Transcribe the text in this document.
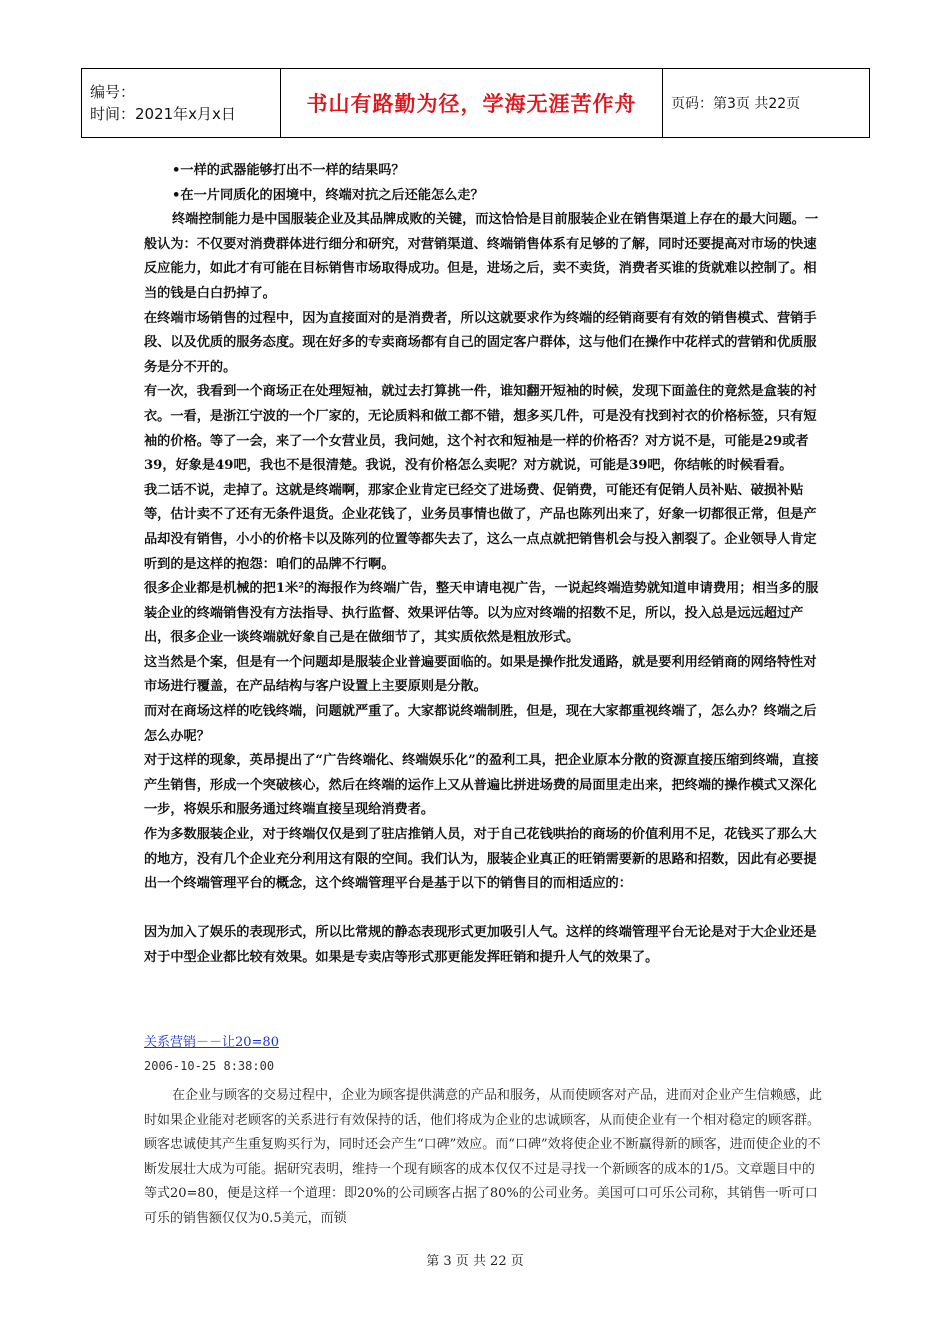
编号：
时间：2021年x月x日	书山有路勤为径，学海无涯苦作舟	页码：第3页 共22页

•一样的武器能够打出不一样的结果吗？

•在一片同质化的困境中，终端对抗之后还能怎么走？

终端控制能力是中国服装企业及其品牌成败的关键，而这恰恰是目前服装企业在销售渠道上存在的最大问题。一般认为：不仅要对消费群体进行细分和研究，对营销渠道、终端销售体系有足够的了解，同时还要提高对市场的快速反应能力，如此才有可能在目标销售市场取得成功。但是，进场之后，卖不卖货，消费者买谁的货就难以控制了。相当的钱是白白扔掉了。

在终端市场销售的过程中，因为直接面对的是消费者，所以这就要求作为终端的经销商要有有效的销售模式、营销手段、以及优质的服务态度。现在好多的专卖商场都有自己的固定客户群体，这与他们在操作中花样式的营销和优质服务是分不开的。

有一次，我看到一个商场正在处理短袖，就过去打算挑一件，谁知翻开短袖的时候，发现下面盖住的竟然是盒装的衬衣。一看，是浙江宁波的一个厂家的，无论质料和做工都不错，想多买几件，可是没有找到衬衣的价格标签，只有短袖的价格。等了一会，来了一个女营业员，我问她，这个衬衣和短袖是一样的价格否？对方说不是，可能是29或者39，好象是49吧，我也不是很清楚。我说，没有价格怎么卖呢？对方就说，可能是39吧，你结帐的时候看看。

我二话不说，走掉了。这就是终端啊，那家企业肯定已经交了进场费、促销费，可能还有促销人员补贴、破损补贴等，估计卖不了还有无条件退货。企业花钱了，业务员事情也做了，产品也陈列出来了，好象一切都很正常，但是产品却没有销售，小小的价格卡以及陈列的位置等都失去了，这么一点点就把销售机会与投入割裂了。企业领导人肯定听到的是这样的抱怨：咱们的品牌不行啊。

很多企业都是机械的把1米²的海报作为终端广告，整天申请电视广告，一说起终端造势就知道申请费用；相当多的服装企业的终端销售没有方法指导、执行监督、效果评估等。以为应对终端的招数不足，所以，投入总是远远超过产出，很多企业一谈终端就好象自己是在做细节了，其实质依然是粗放形式。

这当然是个案，但是有一个问题却是服装企业普遍要面临的。如果是操作批发通路，就是要利用经销商的网络特性对市场进行覆盖，在产品结构与客户设置上主要原则是分散。

而对在商场这样的吃钱终端，问题就严重了。大家都说终端制胜，但是，现在大家都重视终端了，怎么办？终端之后怎么办呢？

对于这样的现象，英昂提出了“广告终端化、终端娱乐化”的盈利工具，把企业原本分散的资源直接压缩到终端，直接产生销售，形成一个突破核心，然后在终端的运作上又从普遍比拼进场费的局面里走出来，把终端的操作模式又深化一步，将娱乐和服务通过终端直接呈现给消费者。

作为多数服装企业，对于终端仅仅是到了驻店推销人员，对于自己花钱哄抬的商场的价值利用不足，花钱买了那么大的地方，没有几个企业充分利用这有限的空间。我们认为，服装企业真正的旺销需要新的思路和招数，因此有必要提出一个终端管理平台的概念，这个终端管理平台是基于以下的销售目的而相适应的：

因为加入了娱乐的表现形式，所以比常规的静态表现形式更加吸引人气。这样的终端管理平台无论是对于大企业还是对于中型企业都比较有效果。如果是专卖店等形式那更能发挥旺销和提升人气的效果了。

关系营销－－让20=80
2006-10-25 8:38:00
在企业与顾客的交易过程中，企业为顾客提供满意的产品和服务，从而使顾客对产品，进而对企业产生信赖感，此时如果企业能对老顾客的关系进行有效保持的话，他们将成为企业的忠诚顾客，从而使企业有一个相对稳定的顾客群。顾客忠诚使其产生重复购买行为，同时还会产生“口碑”效应。而“口碑”效将使企业不断赢得新的顾客，进而使企业的不断发展壮大成为可能。据研究表明，维持一个现有顾客的成本仅仅不过是寻找一个新顾客的成本的1/5。文章题目中的等式20=80，便是这样一个道理：即20%的公司顾客占据了80%的公司业务。美国可口可乐公司称，其销售一听可口可乐的销售额仅仅为0.5美元，而锁
第 3 页 共 22 页
